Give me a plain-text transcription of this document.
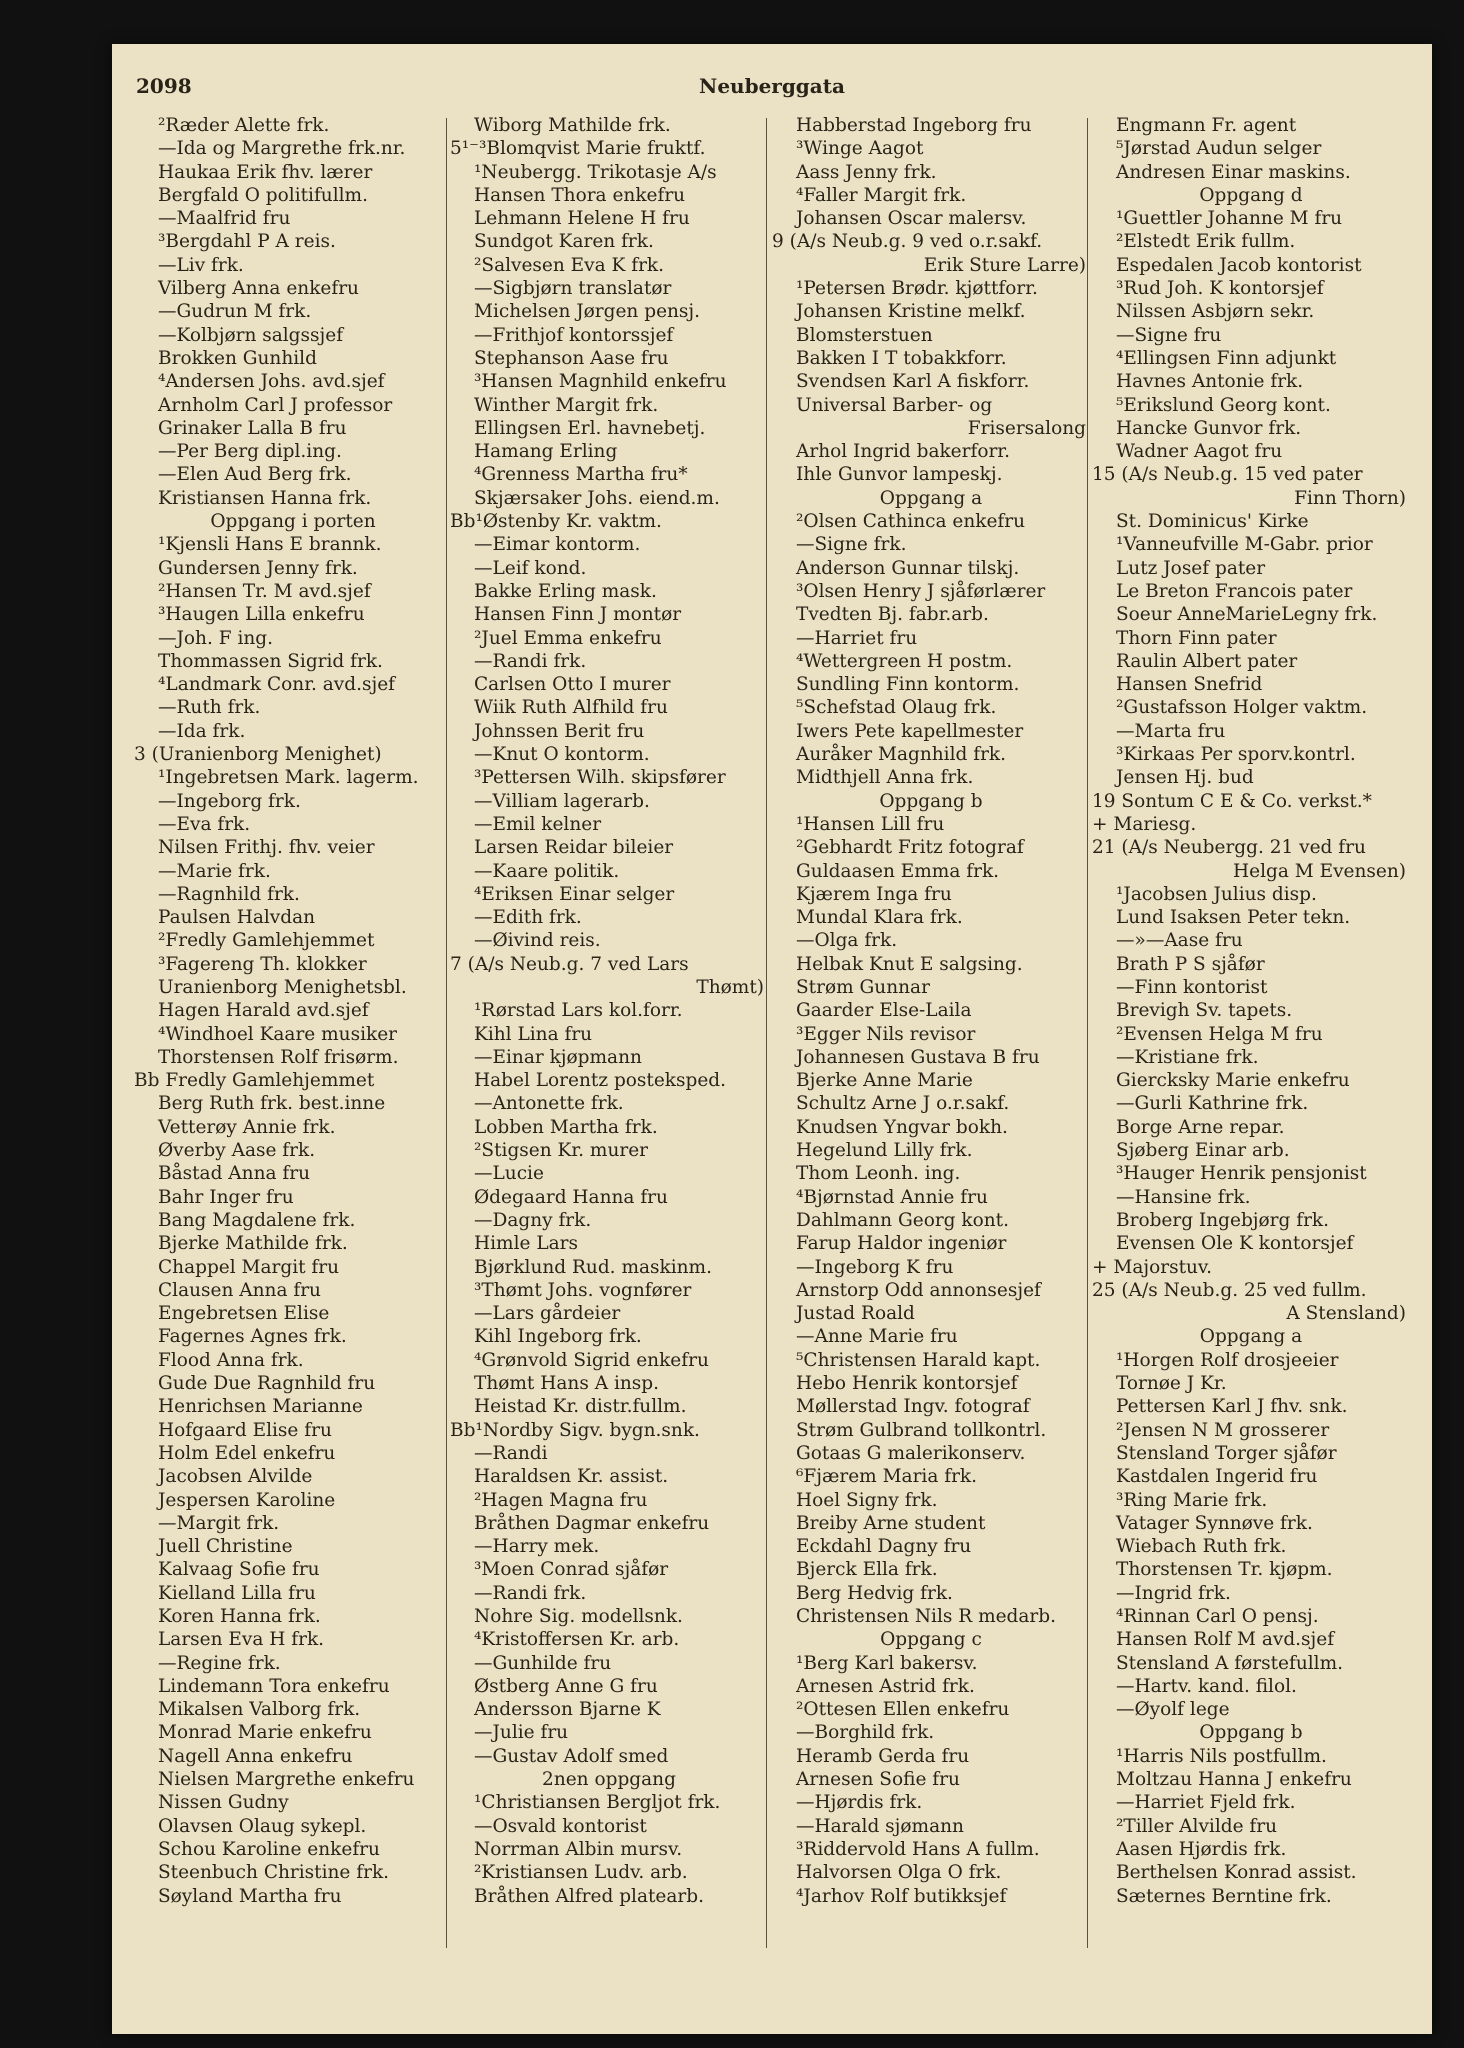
2098	Neuberggata
²Ræder Alette frk.
—Ida og Margrethe frk.nr.
Haukaa Erik fhv. lærer
Bergfald O politifullm.
—Maalfrid fru
³Bergdahl P A reis.
—Liv frk.
Vilberg Anna enkefru
—Gudrun M frk.
—Kolbjørn salgssjef
Brokken Gunhild
⁴Andersen Johs. avd.sjef
Arnholm Carl J professor
Grinaker Lalla B fru
—Per Berg dipl.ing.
—Elen Aud Berg frk.
Kristiansen Hanna frk.
Oppgang i porten
¹Kjensli Hans E brannk.
Gundersen Jenny frk.
²Hansen Tr. M avd.sjef
³Haugen Lilla enkefru
—Joh. F ing.
Thommassen Sigrid frk.
⁴Landmark Conr. avd.sjef
—Ruth frk.
—Ida frk.
3 (Uranienborg Menighet)
¹Ingebretsen Mark. lagerm.
—Ingeborg frk.
—Eva frk.
Nilsen Frithj. fhv. veier
—Marie frk.
—Ragnhild frk.
Paulsen Halvdan
²Fredly Gamlehjemmet
³Fagereng Th. klokker
Uranienborg Menighetsbl.
Hagen Harald avd.sjef
⁴Windhoel Kaare musiker
Thorstensen Rolf frisørm.
Bb Fredly Gamlehjemmet
Berg Ruth frk. best.inne
Vetterøy Annie frk.
Øverby Aase frk.
Båstad Anna fru
Bahr Inger fru
Bang Magdalene frk.
Bjerke Mathilde frk.
Chappel Margit fru
Clausen Anna fru
Engebretsen Elise
Fagernes Agnes frk.
Flood Anna frk.
Gude Due Ragnhild fru
Henrichsen Marianne
Hofgaard Elise fru
Holm Edel enkefru
Jacobsen Alvilde
Jespersen Karoline
—Margit frk.
Juell Christine
Kalvaag Sofie fru
Kielland Lilla fru
Koren Hanna frk.
Larsen Eva H frk.
—Regine frk.
Lindemann Tora enkefru
Mikalsen Valborg frk.
Monrad Marie enkefru
Nagell Anna enkefru
Nielsen Margrethe enkefru
Nissen Gudny
Olavsen Olaug sykepl.
Schou Karoline enkefru
Steenbuch Christine frk.
Søyland Martha fru
Wiborg Mathilde frk.
5¹⁻³Blomqvist Marie fruktf.
¹Neubergg. Trikotasje A/s
Hansen Thora enkefru
Lehmann Helene H fru
Sundgot Karen frk.
²Salvesen Eva K frk.
—Sigbjørn translatør
Michelsen Jørgen pensj.
—Frithjof kontorssjef
Stephanson Aase fru
³Hansen Magnhild enkefru
Winther Margit frk.
Ellingsen Erl. havnebetj.
Hamang Erling
⁴Grenness Martha fru*
Skjærsaker Johs. eiend.m.
Bb¹Østenby Kr. vaktm.
—Eimar kontorm.
—Leif kond.
Bakke Erling mask.
Hansen Finn J montør
²Juel Emma enkefru
—Randi frk.
Carlsen Otto I murer
Wiik Ruth Alfhild fru
Johnssen Berit fru
—Knut O kontorm.
³Pettersen Wilh. skipsfører
—Villiam lagerarb.
—Emil kelner
Larsen Reidar bileier
—Kaare politik.
⁴Eriksen Einar selger
—Edith frk.
—Øivind reis.
7 (A/s Neub.g. 7 ved Lars
Thømt)
¹Rørstad Lars kol.forr.
Kihl Lina fru
—Einar kjøpmann
Habel Lorentz posteksped.
—Antonette frk.
Lobben Martha frk.
²Stigsen Kr. murer
—Lucie
Ødegaard Hanna fru
—Dagny frk.
Himle Lars
Bjørklund Rud. maskinm.
³Thømt Johs. vognfører
—Lars gårdeier
Kihl Ingeborg frk.
⁴Grønvold Sigrid enkefru
Thømt Hans A insp.
Heistad Kr. distr.fullm.
Bb¹Nordby Sigv. bygn.snk.
—Randi
Haraldsen Kr. assist.
²Hagen Magna fru
Bråthen Dagmar enkefru
—Harry mek.
³Moen Conrad sjåfør
—Randi frk.
Nohre Sig. modellsnk.
⁴Kristoffersen Kr. arb.
—Gunhilde fru
Østberg Anne G fru
Andersson Bjarne K
—Julie fru
—Gustav Adolf smed
2nen oppgang
¹Christiansen Bergljot frk.
—Osvald kontorist
Norrman Albin mursv.
²Kristiansen Ludv. arb.
Bråthen Alfred platearb.
Habberstad Ingeborg fru
³Winge Aagot
Aass Jenny frk.
⁴Faller Margit frk.
Johansen Oscar malersv.
9 (A/s Neub.g. 9 ved o.r.sakf.
Erik Sture Larre)
¹Petersen Brødr. kjøttforr.
Johansen Kristine melkf.
Blomsterstuen
Bakken I T tobakkforr.
Svendsen Karl A fiskforr.
Universal Barber- og
Frisersalong
Arhol Ingrid bakerforr.
Ihle Gunvor lampeskj.
Oppgang a
²Olsen Cathinca enkefru
—Signe frk.
Anderson Gunnar tilskj.
³Olsen Henry J sjåførlærer
Tvedten Bj. fabr.arb.
—Harriet fru
⁴Wettergreen H postm.
Sundling Finn kontorm.
⁵Schefstad Olaug frk.
Iwers Pete kapellmester
Auråker Magnhild frk.
Midthjell Anna frk.
Oppgang b
¹Hansen Lill fru
²Gebhardt Fritz fotograf
Guldaasen Emma frk.
Kjærem Inga fru
Mundal Klara frk.
—Olga frk.
Helbak Knut E salgsing.
Strøm Gunnar
Gaarder Else-Laila
³Egger Nils revisor
Johannesen Gustava B fru
Bjerke Anne Marie
Schultz Arne J o.r.sakf.
Knudsen Yngvar bokh.
Hegelund Lilly frk.
Thom Leonh. ing.
⁴Bjørnstad Annie fru
Dahlmann Georg kont.
Farup Haldor ingeniør
—Ingeborg K fru
Arnstorp Odd annonsesjef
Justad Roald
—Anne Marie fru
⁵Christensen Harald kapt.
Hebo Henrik kontorsjef
Møllerstad Ingv. fotograf
Strøm Gulbrand tollkontrl.
Gotaas G malerikonserv.
⁶Fjærem Maria frk.
Hoel Signy frk.
Breiby Arne student
Eckdahl Dagny fru
Bjerck Ella frk.
Berg Hedvig frk.
Christensen Nils R medarb.
Oppgang c
¹Berg Karl bakersv.
Arnesen Astrid frk.
²Ottesen Ellen enkefru
—Borghild frk.
Heramb Gerda fru
Arnesen Sofie fru
—Hjørdis frk.
—Harald sjømann
³Riddervold Hans A fullm.
Halvorsen Olga O frk.
⁴Jarhov Rolf butikksjef
Engmann Fr. agent
⁵Jørstad Audun selger
Andresen Einar maskins.
Oppgang d
¹Guettler Johanne M fru
²Elstedt Erik fullm.
Espedalen Jacob kontorist
³Rud Joh. K kontorsjef
Nilssen Asbjørn sekr.
—Signe fru
⁴Ellingsen Finn adjunkt
Havnes Antonie frk.
⁵Erikslund Georg kont.
Hancke Gunvor frk.
Wadner Aagot fru
15 (A/s Neub.g. 15 ved pater
Finn Thorn)
St. Dominicus' Kirke
¹Vanneufville M-Gabr. prior
Lutz Josef pater
Le Breton Francois pater
Soeur AnneMarieLegny frk.
Thorn Finn pater
Raulin Albert pater
Hansen Snefrid
²Gustafsson Holger vaktm.
—Marta fru
³Kirkaas Per sporv.kontrl.
Jensen Hj. bud
19 Sontum C E & Co. verkst.*
+ Mariesg.
21 (A/s Neubergg. 21 ved fru
Helga M Evensen)
¹Jacobsen Julius disp.
Lund Isaksen Peter tekn.
—»—Aase fru
Brath P S sjåfør
—Finn kontorist
Brevigh Sv. tapets.
²Evensen Helga M fru
—Kristiane frk.
Gierckskу Marie enkefru
—Gurli Kathrine frk.
Borge Arne repar.
Sjøberg Einar arb.
³Hauger Henrik pensjonist
—Hansine frk.
Broberg Ingebjørg frk.
Evensen Ole K kontorsjef
+ Majorstuv.
25 (A/s Neub.g. 25 ved fullm.
A Stensland)
Oppgang a
¹Horgen Rolf drosjeeier
Tornøe J Kr.
Pettersen Karl J fhv. snk.
²Jensen N M grosserer
Stensland Torger sjåfør
Kastdalen Ingerid fru
³Ring Marie frk.
Vatager Synnøve frk.
Wiebach Ruth frk.
Thorstensen Tr. kjøpm.
—Ingrid frk.
⁴Rinnan Carl O pensj.
Hansen Rolf M avd.sjef
Stensland A førstefullm.
—Hartv. kand. filol.
—Øyolf lege
Oppgang b
¹Harris Nils postfullm.
Moltzau Hanna J enkefru
—Harriet Fjeld frk.
²Tiller Alvilde fru
Aasen Hjørdis frk.
Berthelsen Konrad assist.
Sæternes Berntine frk.
